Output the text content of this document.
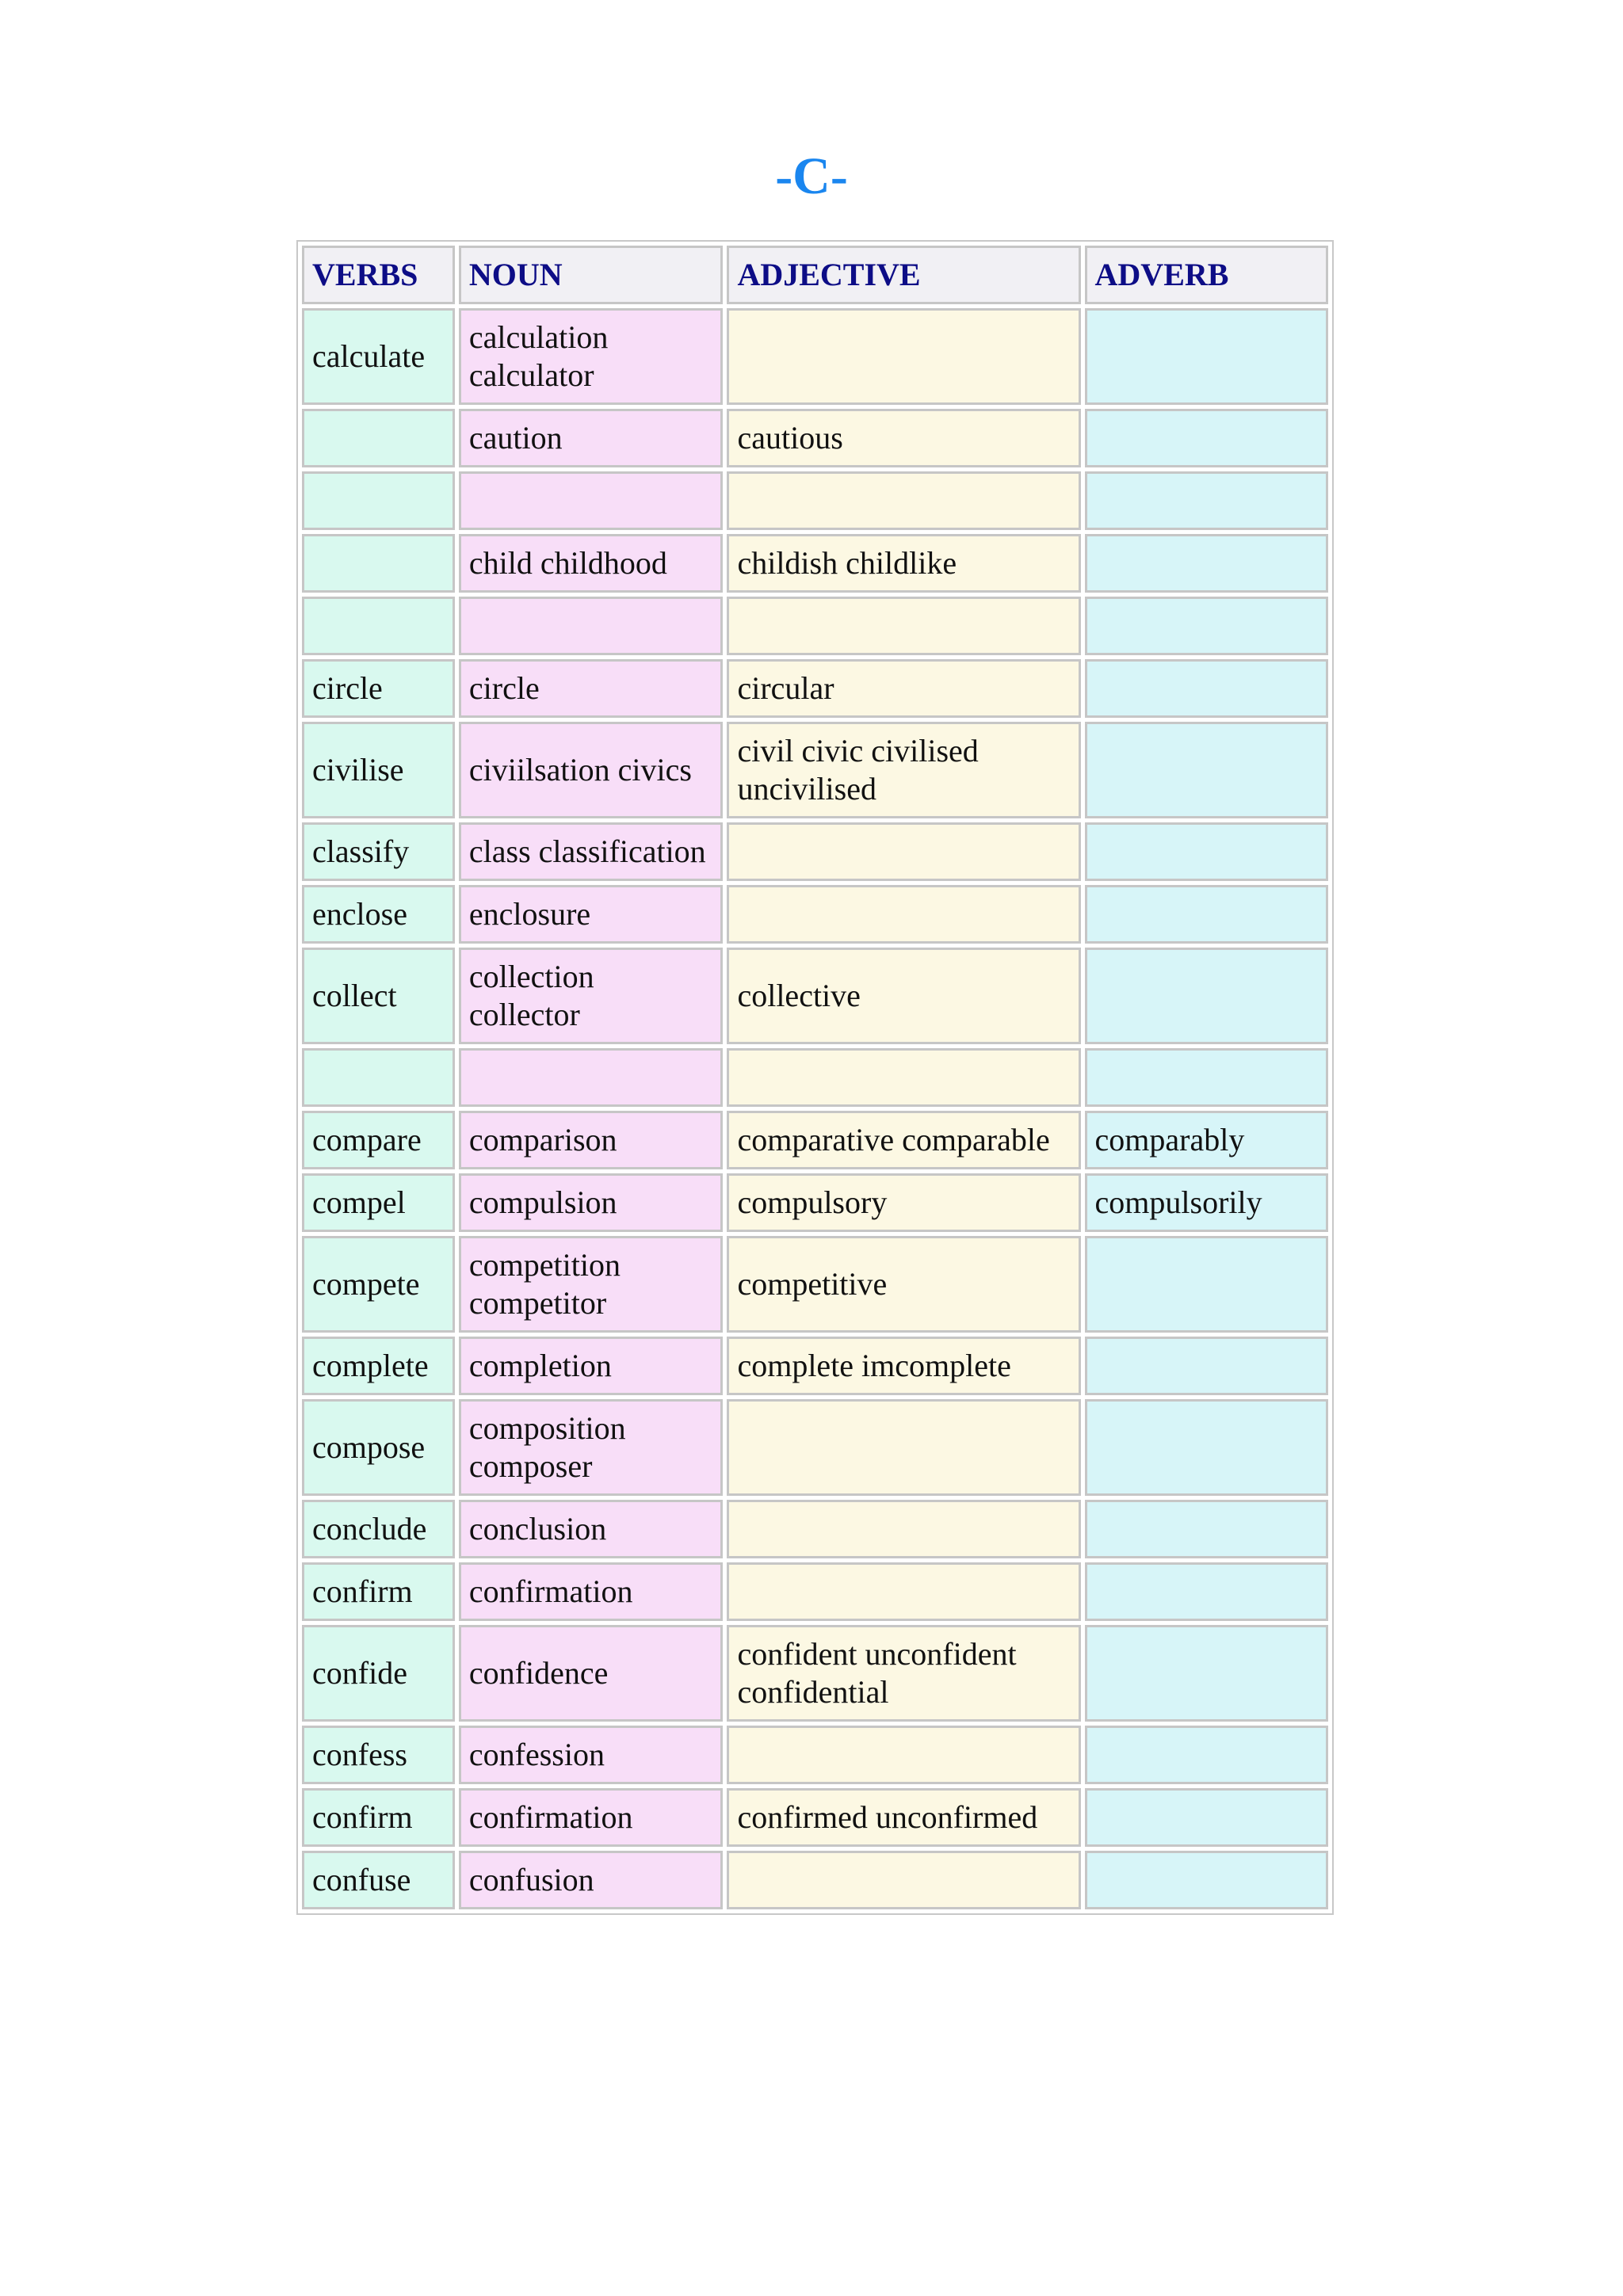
-C-
VERBS	NOUN	ADJECTIVE	ADVERB
calculate	calculation calculator		
	caution	cautious	

	child childhood	childish childlike	

circle	circle	circular	
civilise	civiilsation civics	civil civic civilised uncivilised	
classify	class classification		
enclose	enclosure		
collect	collection collector	collective	

compare	comparison	comparative comparable	comparably
compel	compulsion	compulsory	compulsorily
compete	competition competitor	competitive	
complete	completion	complete imcomplete	
compose	composition composer		
conclude	conclusion		
confirm	confirmation		
confide	confidence	confident unconfident confidential	
confess	confession		
confirm	confirmation	confirmed unconfirmed	
confuse	confusion		
